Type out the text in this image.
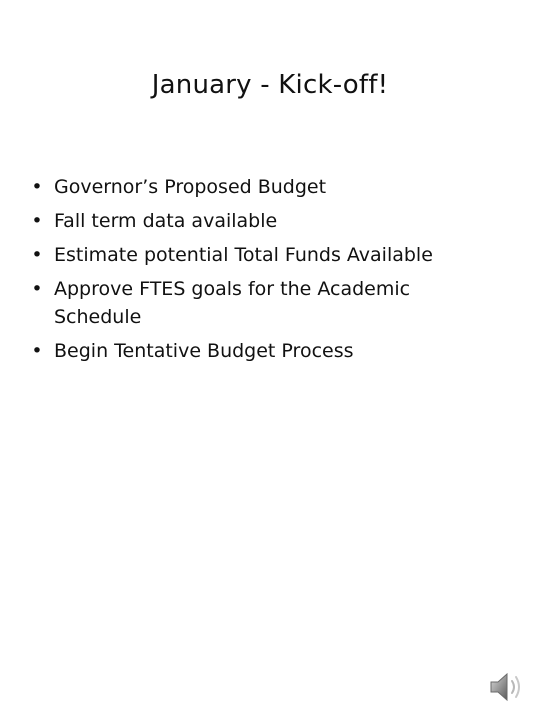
January - Kick-off!
• Governor’s Proposed Budget
• Fall term data available
• Estimate potential Total Funds Available
• Approve FTES goals for the Academic Schedule
• Begin Tentative Budget Process
